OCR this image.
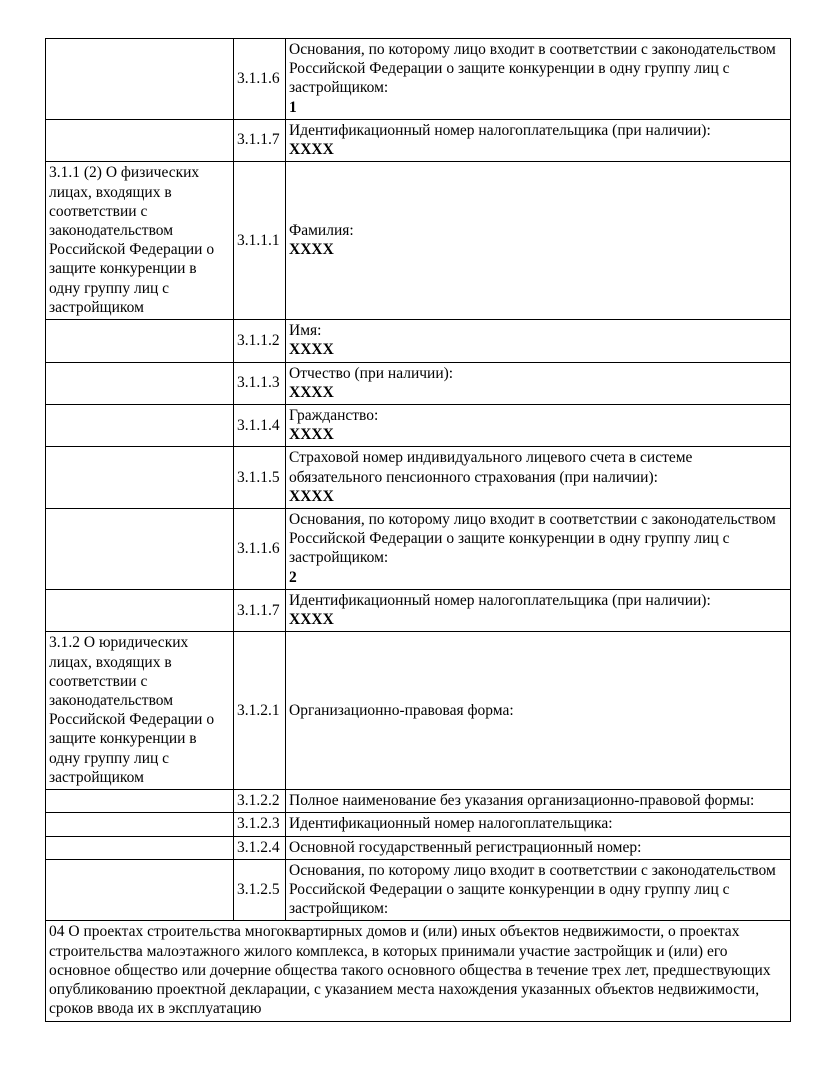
	3.1.1.6	Основания, по которому лицо входит в соответствии с законодательством Российской Федерации о защите конкуренции в одну группу лиц с застройщиком:
1

	3.1.1.7	Идентификационный номер налогоплательщика (при наличии):
ХХХХ

3.1.1 (2) О физических лицах, входящих в соответствии с законодательством Российской Федерации о защите конкуренции в одну группу лиц с застройщиком	3.1.1.1	Фамилия:
ХХХХ

	3.1.1.2	Имя:
ХХХХ

	3.1.1.3	Отчество (при наличии):
ХХХХ

	3.1.1.4	Гражданство:
ХХХХ

	3.1.1.5	Страховой номер индивидуального лицевого счета в системе обязательного пенсионного страхования (при наличии):
ХХХХ

	3.1.1.6	Основания, по которому лицо входит в соответствии с законодательством Российской Федерации о защите конкуренции в одну группу лиц с застройщиком:
2

	3.1.1.7	Идентификационный номер налогоплательщика (при наличии):
ХХХХ

3.1.2 О юридических лицах, входящих в соответствии с законодательством Российской Федерации о защите конкуренции в одну группу лиц с застройщиком	3.1.2.1	Организационно-правовая форма:

	3.1.2.2	Полное наименование без указания организационно-правовой формы:

	3.1.2.3	Идентификационный номер налогоплательщика:

	3.1.2.4	Основной государственный регистрационный номер:

	3.1.2.5	Основания, по которому лицо входит в соответствии с законодательством Российской Федерации о защите конкуренции в одну группу лиц с застройщиком:

04 О проектах строительства многоквартирных домов и (или) иных объектов недвижимости, о проектах строительства малоэтажного жилого комплекса, в которых принимали участие застройщик и (или) его основное общество или дочерние общества такого основного общества в течение трех лет, предшествующих опубликованию проектной декларации, с указанием места нахождения указанных объектов недвижимости, сроков ввода их в эксплуатацию		
